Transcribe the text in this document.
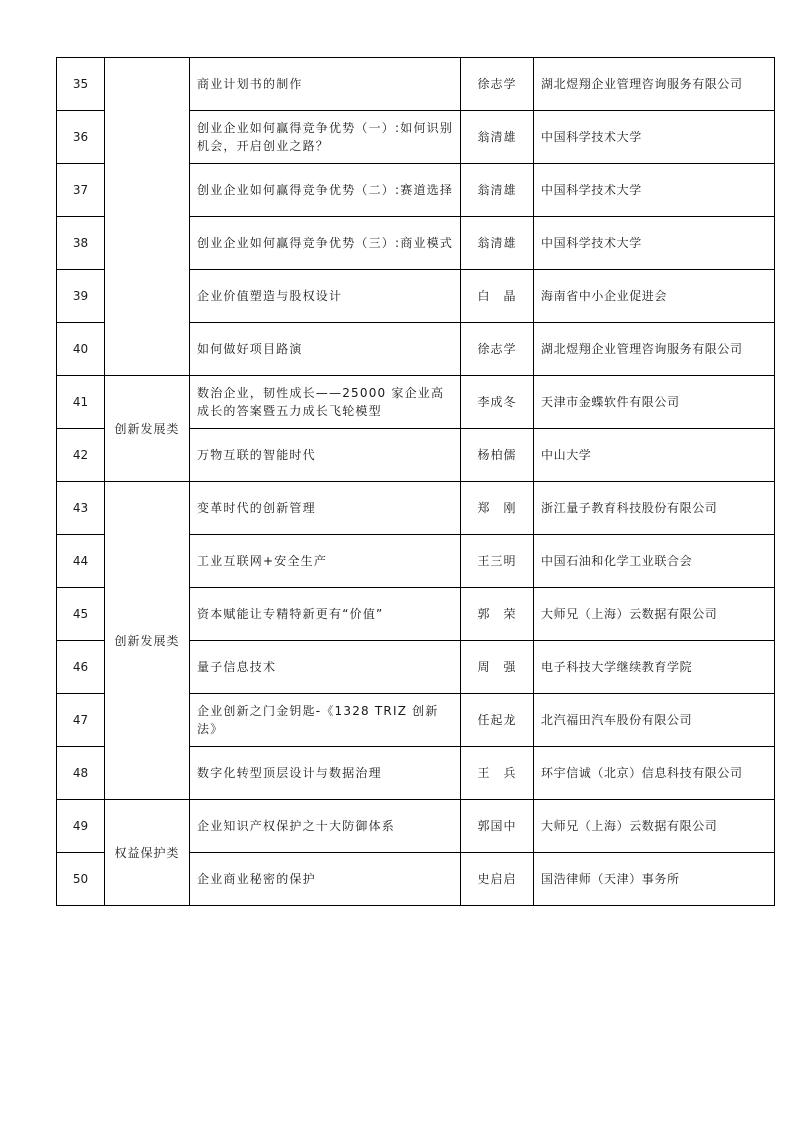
35		商业计划书的制作	徐志学	湖北煜翔企业管理咨询服务有限公司
36		创业企业如何赢得竞争优势（一）:如何识别机会，开启创业之路？	翁清雄	中国科学技术大学
37		创业企业如何赢得竞争优势（二）:赛道选择	翁清雄	中国科学技术大学
38		创业企业如何赢得竞争优势（三）:商业模式	翁清雄	中国科学技术大学
39		企业价值塑造与股权设计	白　晶	海南省中小企业促进会
40		如何做好项目路演	徐志学	湖北煜翔企业管理咨询服务有限公司
41	创新发展类	数治企业，韧性成长——25000 家企业高成长的答案暨五力成长飞轮模型	李成冬	天津市金蝶软件有限公司
42		万物互联的智能时代	杨柏儒	中山大学
43	创新发展类	变革时代的创新管理	郑　刚	浙江量子教育科技股份有限公司
44		工业互联网+安全生产	王三明	中国石油和化学工业联合会
45		资本赋能让专精特新更有“价值”	郭　荣	大师兄（上海）云数据有限公司
46		量子信息技术	周　强	电子科技大学继续教育学院
47		企业创新之门金钥匙-《1328 TRIZ 创新法》	任起龙	北汽福田汽车股份有限公司
48		数字化转型顶层设计与数据治理	王　兵	环宇信诚（北京）信息科技有限公司
49	权益保护类	企业知识产权保护之十大防御体系	郭国中	大师兄（上海）云数据有限公司
50		企业商业秘密的保护	史启启	国浩律师（天津）事务所
